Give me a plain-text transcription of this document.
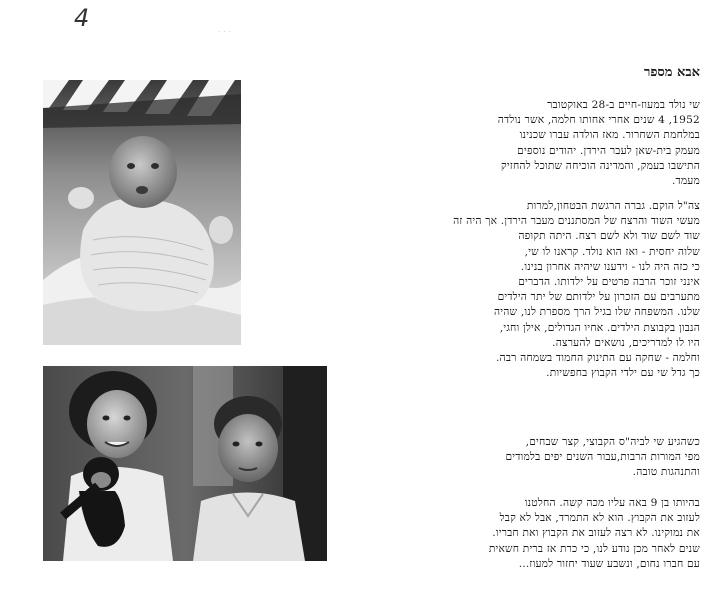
4
ᐧ ᐧ ᐧ
אבא מספר
שי נולד במעוז-חיים ב-28 באוקטובר
1952, 4 שנים אחרי אחותו חלמה, אשר נולדה
במלחמת השחרור. מאז הולדה עברו שכנינו
מעמק בית-שאן לעבר הירדן. יהודים נוספים
התישבו בעמק, והמדינה הוכיחה שתוכל להחזיק
מעמד.
צה"ל הוקם. גברה הרגשת הבטחון,למרות
מעשי השוד והרצח של המסתננים מעבר הירדן. אך היה זה
שוד לשם שוד ולא לשם רצח. היתה תקופה
שלוה יחסית - ואז הוא נולד. קראנו לו שי,
כי כזה היה לנו - וידענו שיהיה אחרון בנינו.
אינני זוכר הרבה פרטים על ילדותו. הדברים
מתערבים עם הזכרון על ילדותם של יתר הילדים
שלנו. המשפחה שלו בגיל הרך מספרת לנו, שהיה
הנבון בקבוצת הילדים. אחיו הגדולים, אילן וחגי,
היו לו למדריכים, נושאים להערצה.
וחלמה - שחקה עם התינוק החמוד בשמחה רבה.
כך גדל שי עם ילדי הקבוץ בחפשיות.
כשהגיע שי לביה"ס הקבוצי, קצר שבחים,
מפי המורות הרבות,עבור השנים יפים בלמודים
והתנהגות טובה.
בהיותו בן 9 באה עליו מכה קשה. החלטנו
לעזוב את הקבוץ. הוא לא התמרד, אבל לא קבל
את נמוקינו. לא רצה לעזוב את הקבוץ ואת חבריו.
שנים לאחר מכן נודע לנו, כי כרת אז ברית חשאית
עם חברו נחום, ונשבע שעוד יחזור למעוז...
